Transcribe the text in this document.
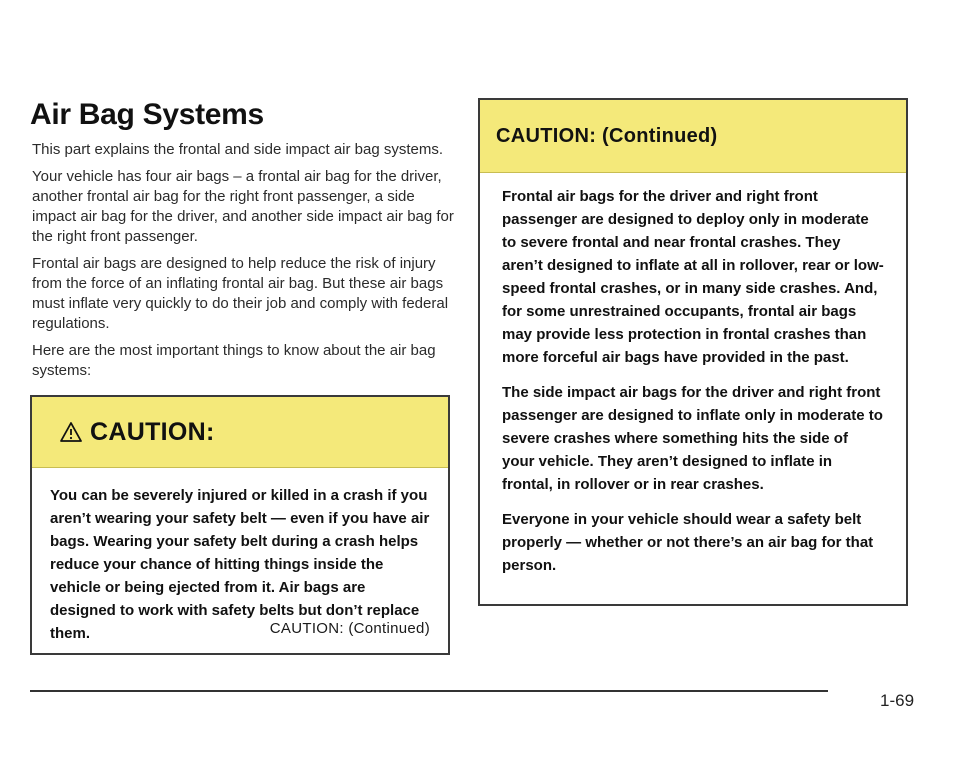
Air Bag Systems

This part explains the frontal and side impact air bag systems.

Your vehicle has four air bags – a frontal air bag for the driver, another frontal air bag for the right front passenger, a side impact air bag for the driver, and another side impact air bag for the right front passenger.

Frontal air bags are designed to help reduce the risk of injury from the force of an inflating frontal air bag. But these air bags must inflate very quickly to do their job and comply with federal regulations.

Here are the most important things to know about the air bag systems:

CAUTION:

You can be severely injured or killed in a crash if you aren’t wearing your safety belt — even if you have air bags. Wearing your safety belt during a crash helps reduce your chance of hitting things inside the vehicle or being ejected from it. Air bags are designed to work with safety belts but don’t replace them.	CAUTION: (Continued)
CAUTION: (Continued)

Frontal air bags for the driver and right front passenger are designed to deploy only in moderate to severe frontal and near frontal crashes. They aren’t designed to inflate at all in rollover, rear or low-speed frontal crashes, or in many side crashes. And, for some unrestrained occupants, frontal air bags may provide less protection in frontal crashes than more forceful air bags have provided in the past.

The side impact air bags for the driver and right front passenger are designed to inflate only in moderate to severe crashes where something hits the side of your vehicle. They aren’t designed to inflate in frontal, in rollover or in rear crashes.

Everyone in your vehicle should wear a safety belt properly — whether or not there’s an air bag for that person.

1-69
